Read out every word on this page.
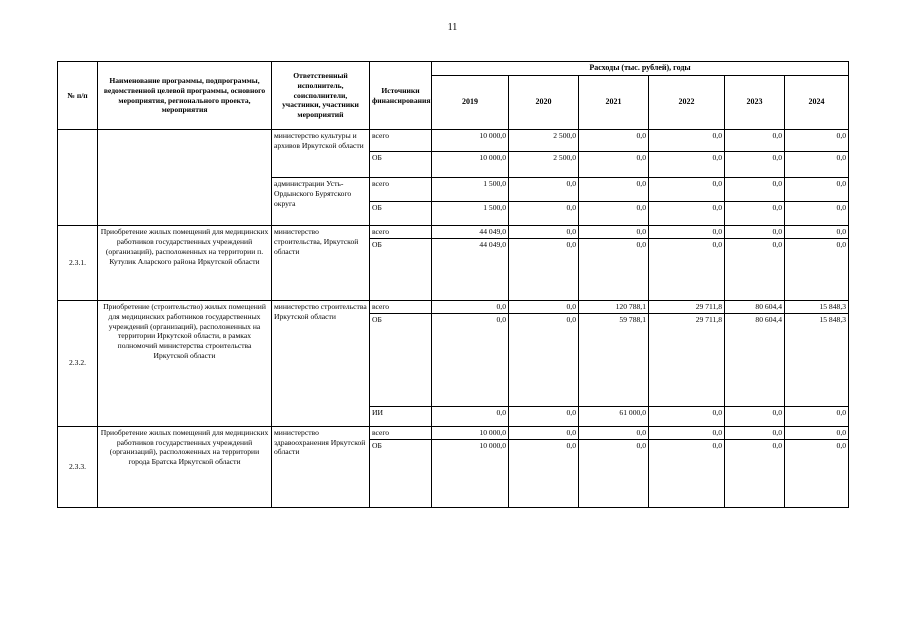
11
№ п/п	Наименование программы, подпрограммы, ведомственной целевой программы, основного мероприятия, регионального проекта, мероприятия	Ответственный исполнитель, соисполнители, участники, участники мероприятий	Источники финансирования	Расходы (тыс. рублей), годы					
				2019	2020	2021	2022	2023	2024
		министерство культуры и архивов Иркутской области	всего	10 000,0	2 500,0	0,0	0,0	0,0	0,0
			ОБ	10 000,0	2 500,0	0,0	0,0	0,0	0,0
		администрации Усть-Ордынского Бурятского округа	всего	1 500,0	0,0	0,0	0,0	0,0	0,0
			ОБ	1 500,0	0,0	0,0	0,0	0,0	0,0
2.3.1.	Приобретение жилых помещений для медицинских работников государственных учреждений (организаций), расположенных на территории п. Кутулик Аларского района Иркутской области	министерство строительства, Иркутской области	всего	44 049,0	0,0	0,0	0,0	0,0	0,0
			ОБ	44 049,0	0,0	0,0	0,0	0,0	0,0
2.3.2.	Приобретение (строительство) жилых помещений для медицинских работников государственных учреждений (организаций), расположенных на территории Иркутской области, в рамках полномочий министерства строительства Иркутской области	министерство строительства Иркутской области	всего	0,0	0,0	120 788,1	29 711,8	80 604,4	15 848,3
			ОБ	0,0	0,0	59 788,1	29 711,8	80 604,4	15 848,3
			ИИ	0,0	0,0	61 000,0	0,0	0,0	0,0
2.3.3.	Приобретение жилых помещений для медицинских работников государственных учреждений (организаций), расположенных на территории города Братска Иркутской области	министерство здравоохранения Иркутской области	всего	10 000,0	0,0	0,0	0,0	0,0	0,0
			ОБ	10 000,0	0,0	0,0	0,0	0,0	0,0
